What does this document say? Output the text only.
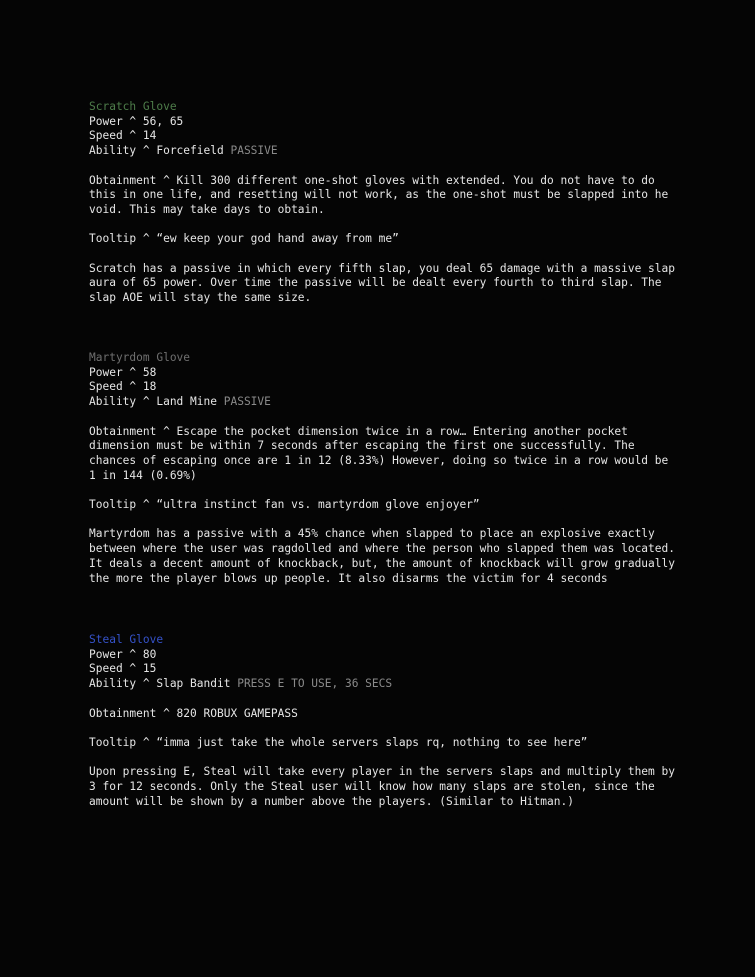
Scratch Glove
Power ^ 56, 65
Speed ^ 14
Ability ^ Forcefield PASSIVE
Obtainment ^ Kill 300 different one-shot gloves with extended. You do not have to do this in one life, and resetting will not work, as the one-shot must be slapped into he void. This may take days to obtain.
Tooltip ^ “ew keep your god hand away from me”
Scratch has a passive in which every fifth slap, you deal 65 damage with a massive slap aura of 65 power. Over time the passive will be dealt every fourth to third slap. The slap AOE will stay the same size.
Martyrdom Glove
Power ^ 58
Speed ^ 18
Ability ^ Land Mine PASSIVE
Obtainment ^ Escape the pocket dimension twice in a row… Entering another pocket dimension must be within 7 seconds after escaping the first one successfully. The chances of escaping once are 1 in 12 (8.33%) However, doing so twice in a row would be 1 in 144 (0.69%)
Tooltip ^ “ultra instinct fan vs. martyrdom glove enjoyer”
Martyrdom has a passive with a 45% chance when slapped to place an explosive exactly between where the user was ragdolled and where the person who slapped them was located. It deals a decent amount of knockback, but, the amount of knockback will grow gradually the more the player blows up people. It also disarms the victim for 4 seconds
Steal Glove
Power ^ 80
Speed ^ 15
Ability ^ Slap Bandit PRESS E TO USE, 36 SECS
Obtainment ^ 820 ROBUX GAMEPASS
Tooltip ^ “imma just take the whole servers slaps rq, nothing to see here”
Upon pressing E, Steal will take every player in the servers slaps and multiply them by 3 for 12 seconds. Only the Steal user will know how many slaps are stolen, since the amount will be shown by a number above the players. (Similar to Hitman.)
